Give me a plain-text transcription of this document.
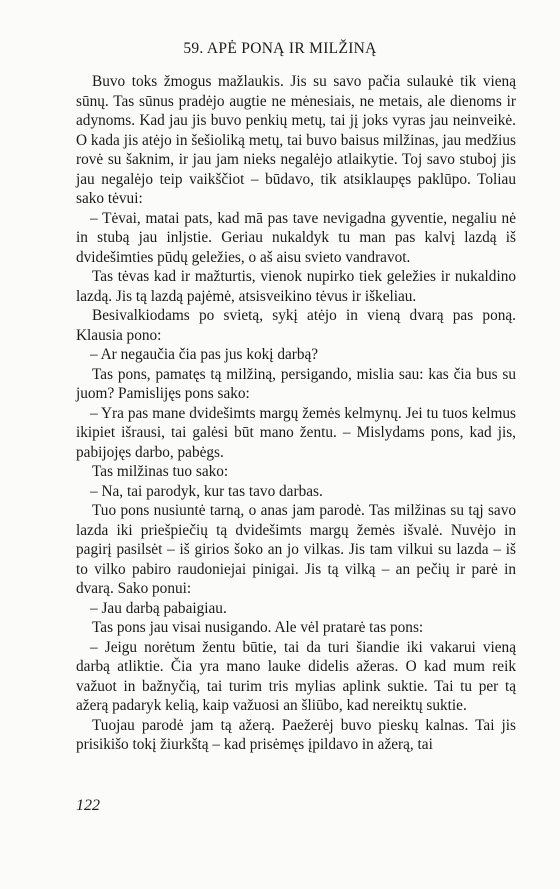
59. APĖ PONĄ IR MILŽINĄ

Buvo toks žmogus mažlaukis. Jis su savo pačia sulaukė tik vieną sūnų. Tas sūnus pradėjo augtie ne mėnesiais, ne metais, ale dienoms ir adynoms. Kad jau jis buvo penkių metų, tai jį joks vyras jau neinveikė. O kada jis atėjo in šešioliką metų, tai buvo baisus milžinas, jau medžius rovė su šaknim, ir jau jam nieks negalėjo atlaikytie. Toj savo stuboj jis jau negalėjo teip vaikščiot – būdavo, tik atsiklaupęs paklūpo. Toliau sako tėvui:

– Tėvai, matai pats, kad mā pas tave nevigadna gyventie, negaliu nė in stubą jau inljstie. Geriau nukaldyk tu man pas kalvį lazdą iš dvidešimties pūdų geležies, o aš aisu svieto vandravot.

Tas tėvas kad ir mažturtis, vienok nupirko tiek geležies ir nukaldino lazdą. Jis tą lazdą pajėmė, atsisveikino tėvus ir iškeliau.

Besivalkiodams po svietą, sykį atėjo in vieną dvarą pas poną. Klausia pono:

– Ar negaučia čia pas jus kokį darbą?

Tas pons, pamatęs tą milžiną, persigando, mislia sau: kas čia bus su juom? Pamislijęs pons sako:

– Yra pas mane dvidešimts margų žemės kelmynų. Jei tu tuos kelmus ikipiet išrausi, tai galėsi būt mano žentu. – Mislydams pons, kad jis, pabijojęs darbo, pabėgs.

Tas milžinas tuo sako:

– Na, tai parodyk, kur tas tavo darbas.

Tuo pons nusiuntė tarną, o anas jam parodė. Tas milžinas su tąj savo lazda iki priešpiečių tą dvidešimts margų žemės išvalė. Nuvėjo in pagirį pasilsėt – iš girios šoko an jo vilkas. Jis tam vilkui su lazda – iš to vilko pabiro raudoniejai pinigai. Jis tą vilką – an pečių ir parė in dvarą. Sako ponui:

– Jau darbą pabaigiau.

Tas pons jau visai nusigando. Ale vėl pratarė tas pons:

– Jeigu norėtum žentu būtie, tai da turi šiandie iki vakarui vieną darbą atliktie. Čia yra mano lauke didelis ažeras. O kad mum reik važuot in bažnyčią, tai turim tris mylias aplink suktie. Tai tu per tą ažerą padaryk kelią, kaip važuosi an šliūbo, kad nereiktų suktie.

Tuojau parodė jam tą ažerą. Paežerėj buvo pieskų kalnas. Tai jis prisikišo tokį žiurkštą – kad prisėmęs įpildavo in ažerą, tai

122
